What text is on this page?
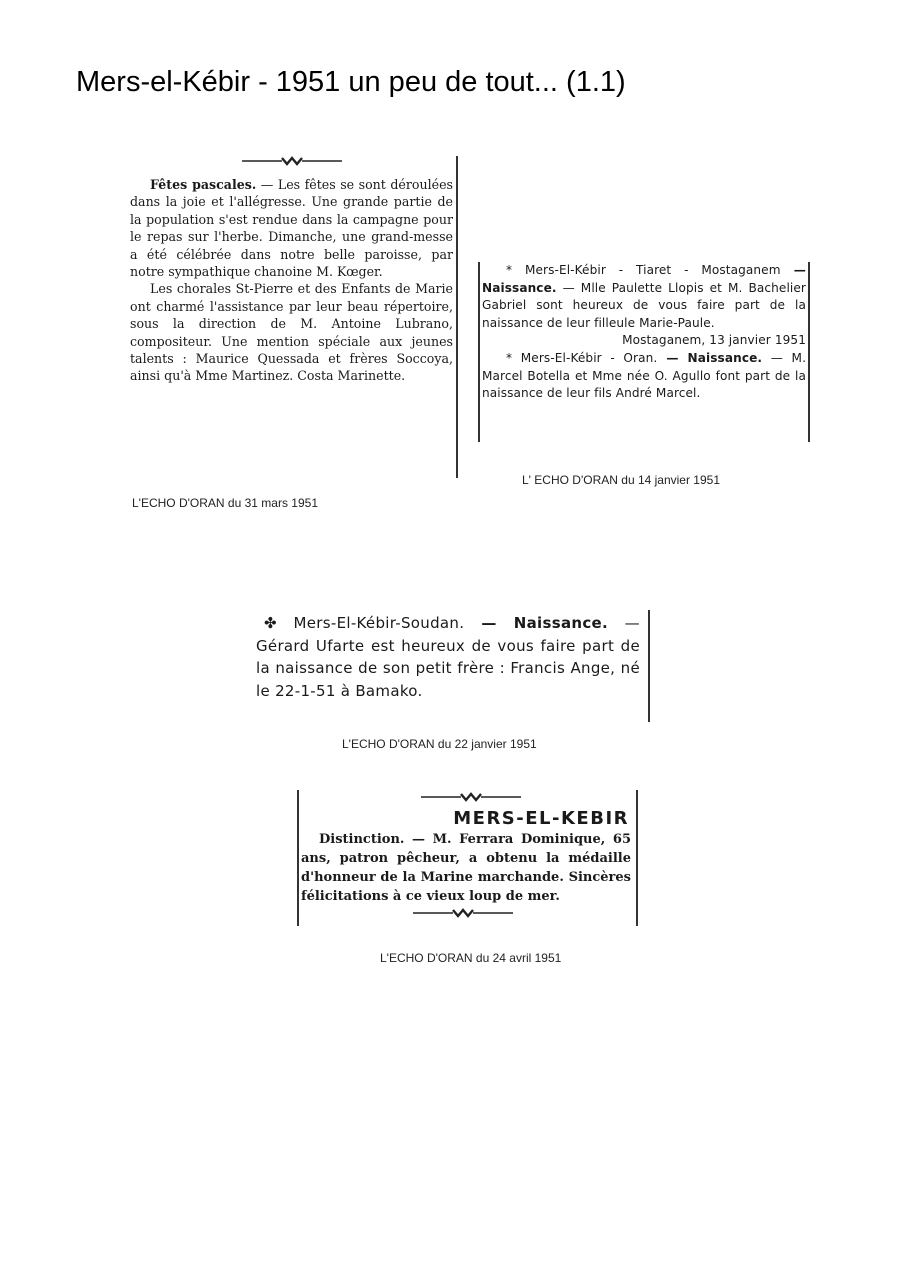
Mers-el-Kébir - 1951 un peu de tout... (1.1)

Fêtes pascales. — Les fêtes se sont déroulées dans la joie et l'allégresse. Une grande partie de la population s'est rendue dans la campagne pour le repas sur l'herbe. Dimanche, une grand-messe a été célébrée dans notre belle paroisse, par notre sympathique chanoine M. Kœger.

Les chorales St-Pierre et des Enfants de Marie ont charmé l'assistance par leur beau répertoire, sous la direction de M. Antoine Lubrano, compositeur. Une mention spéciale aux jeunes talents : Maurice Quessada et frères Soccoya, ainsi qu'à Mme Martinez. Costa Marinette.

L'ECHO D'ORAN du 31 mars 1951

* Mers-El-Kébir - Tiaret - Mostaganem — Naissance. — Mlle Paulette Llopis et M. Bachelier Gabriel sont heureux de vous faire part de la naissance de leur filleule Marie-Paule.

Mostaganem, 13 janvier 1951

* Mers-El-Kébir - Oran. — Naissance. — M. Marcel Botella et Mme née O. Agullo font part de la naissance de leur fils André Marcel.

L' ECHO D'ORAN du 14 janvier 1951

✤ Mers-El-Kébir-Soudan. — Naissance. — Gérard Ufarte est heureux de vous faire part de la naissance de son petit frère : Francis Ange, né le 22-1-51 à Bamako.

L'ECHO D'ORAN du 22 janvier 1951
MERS-EL-KEBIR

Distinction. — M. Ferrara Dominique, 65 ans, patron pêcheur, a obtenu la médaille d'honneur de la Marine marchande. Sincères félicitations à ce vieux loup de mer.

L'ECHO D'ORAN du 24 avril 1951
